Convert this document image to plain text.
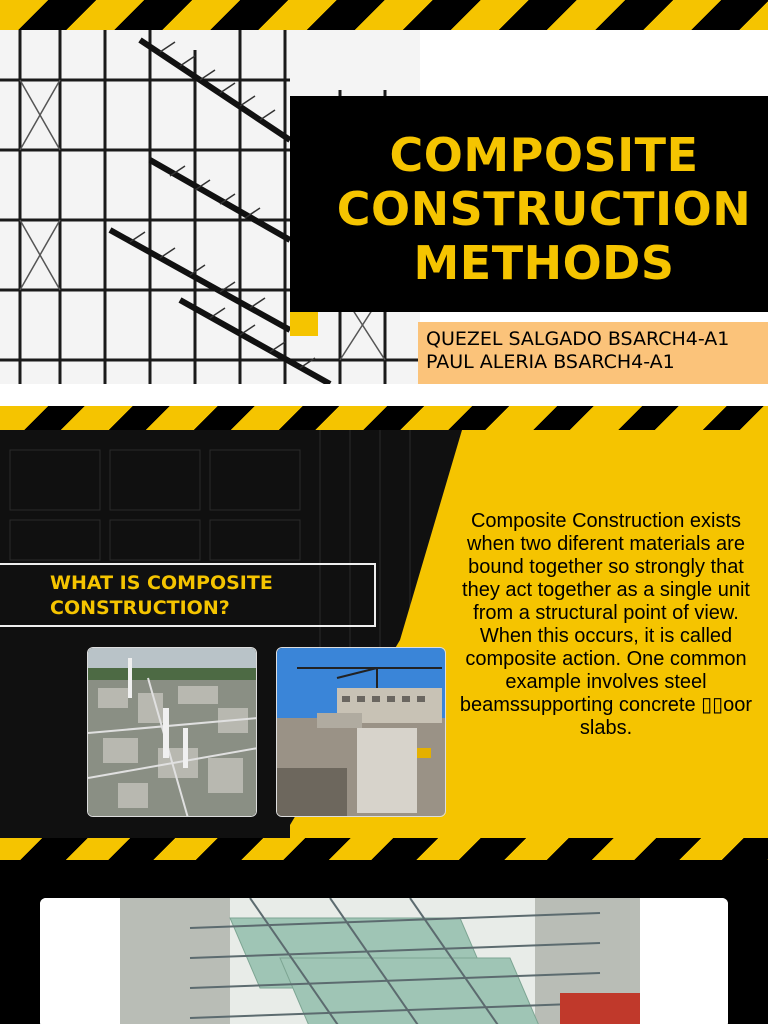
COMPOSITE
CONSTRUCTION
METHODS
QUEZEL SALGADO BSARCH4-A1
PAUL ALERIA BSARCH4-A1
Composite Construction exists when two diferent materials are bound together so strongly that they act together as a single unit from a structural point of view. When this occurs, it is called composite action. One common example involves steel beamssupporting concrete ▯▯oor slabs.
WHAT IS COMPOSITE
CONSTRUCTION?
